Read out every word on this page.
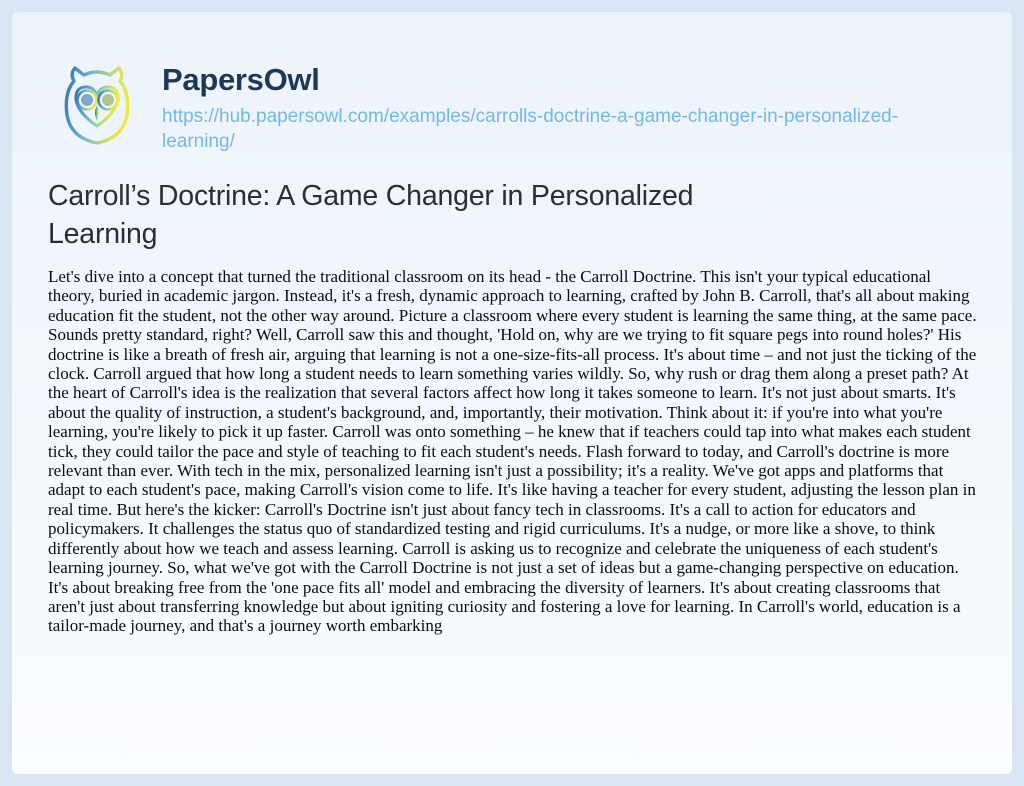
PapersOwl
https://hub.papersowl.com/examples/carrolls-doctrine-a-game-changer-in-personalized-learning/
Carroll’s Doctrine: A Game Changer in Personalized Learning

Let's dive into a concept that turned the traditional classroom on its head - the Carroll Doctrine. This isn't your typical educational theory, buried in academic jargon. Instead, it's a fresh, dynamic approach to learning, crafted by John B. Carroll, that's all about making education fit the student, not the other way around. Picture a classroom where every student is learning the same thing, at the same pace. Sounds pretty standard, right? Well, Carroll saw this and thought, 'Hold on, why are we trying to fit square pegs into round holes?' His doctrine is like a breath of fresh air, arguing that learning is not a one-size-fits-all process. It's about time – and not just the ticking of the clock. Carroll argued that how long a student needs to learn something varies wildly. So, why rush or drag them along a preset path? At the heart of Carroll's idea is the realization that several factors affect how long it takes someone to learn. It's not just about smarts. It's about the quality of instruction, a student's background, and, importantly, their motivation. Think about it: if you're into what you're learning, you're likely to pick it up faster. Carroll was onto something – he knew that if teachers could tap into what makes each student tick, they could tailor the pace and style of teaching to fit each student's needs. Flash forward to today, and Carroll's doctrine is more relevant than ever. With tech in the mix, personalized learning isn't just a possibility; it's a reality. We've got apps and platforms that adapt to each student's pace, making Carroll's vision come to life. It's like having a teacher for every student, adjusting the lesson plan in real time. But here's the kicker: Carroll's Doctrine isn't just about fancy tech in classrooms. It's a call to action for educators and policymakers. It challenges the status quo of standardized testing and rigid curriculums. It's a nudge, or more like a shove, to think differently about how we teach and assess learning. Carroll is asking us to recognize and celebrate the uniqueness of each student's learning journey. So, what we've got with the Carroll Doctrine is not just a set of ideas but a game-changing perspective on education. It's about breaking free from the 'one pace fits all' model and embracing the diversity of learners. It's about creating classrooms that aren't just about transferring knowledge but about igniting curiosity and fostering a love for learning. In Carroll's world, education is a tailor-made journey, and that's a journey worth embarking
